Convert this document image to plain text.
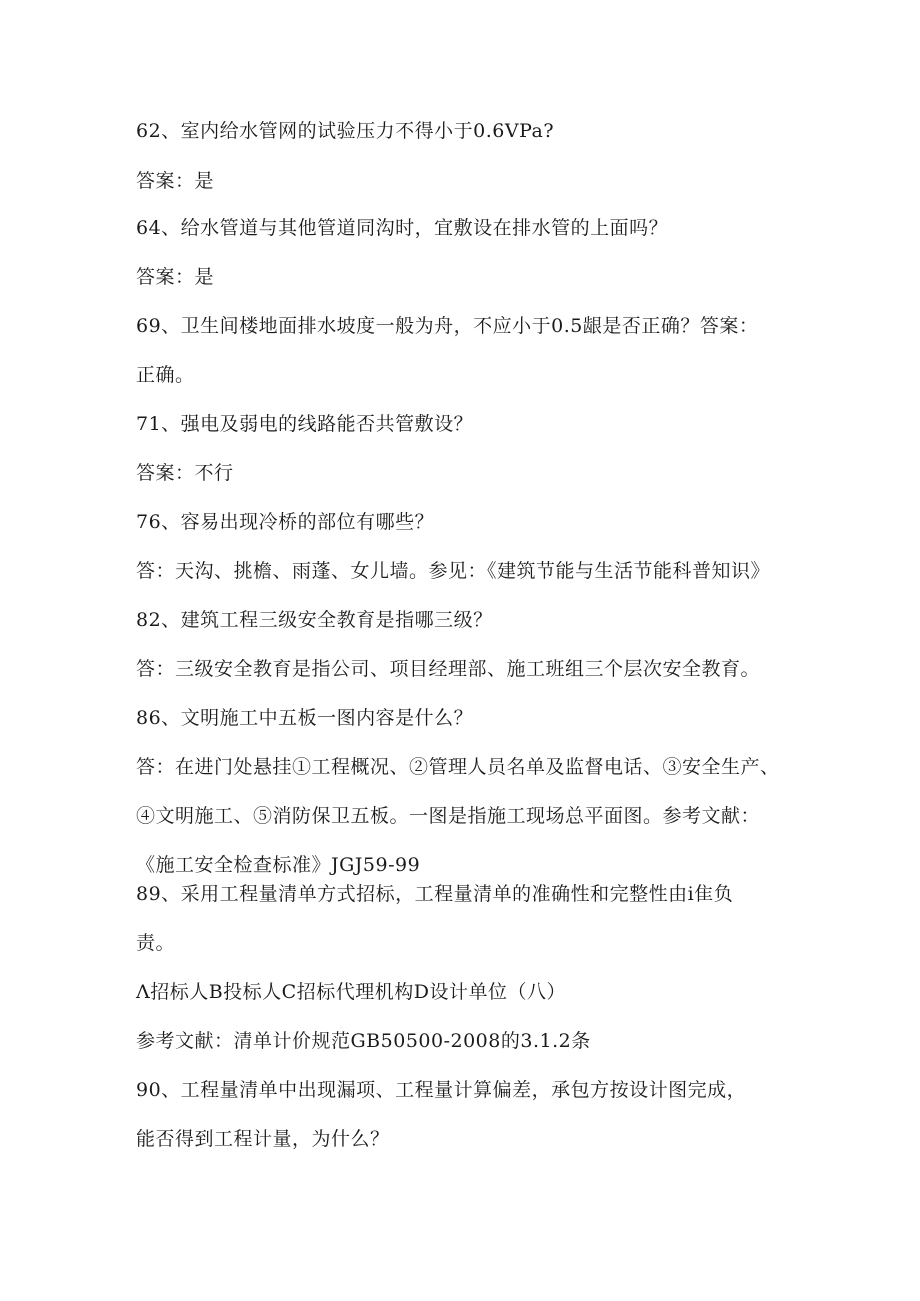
62、室内给水管网的试验压力不得小于0.6VPa?
答案：是
64、给水管道与其他管道同沟时，宜敷设在排水管的上面吗？
答案：是
69、卫生间楼地面排水坡度一般为舟，不应小于0.5龈是否正确？答案：
正确。
71、强电及弱电的线路能否共管敷设？
答案：不行
76、容易出现冷桥的部位有哪些？
答：天沟、挑檐、雨蓬、女儿墙。参见：《建筑节能与生活节能科普知识》
82、建筑工程三级安全教育是指哪三级？
答：三级安全教育是指公司、项目经理部、施工班组三个层次安全教育。
86、文明施工中五板一图内容是什么？
答：在进门处悬挂①工程概况、②管理人员名单及监督电话、③安全生产、
④文明施工、⑤消防保卫五板。一图是指施工现场总平面图。参考文献：
《施工安全检查标准》JGJ59-99
89、采用工程量清单方式招标，工程量清单的准确性和完整性由i隹负
责。
Λ招标人B投标人C招标代理机构D设计单位（八）
参考文献：清单计价规范GB50500-2008的3.1.2条
90、工程量清单中出现漏项、工程量计算偏差，承包方按设计图完成，
能否得到工程计量，为什么？
